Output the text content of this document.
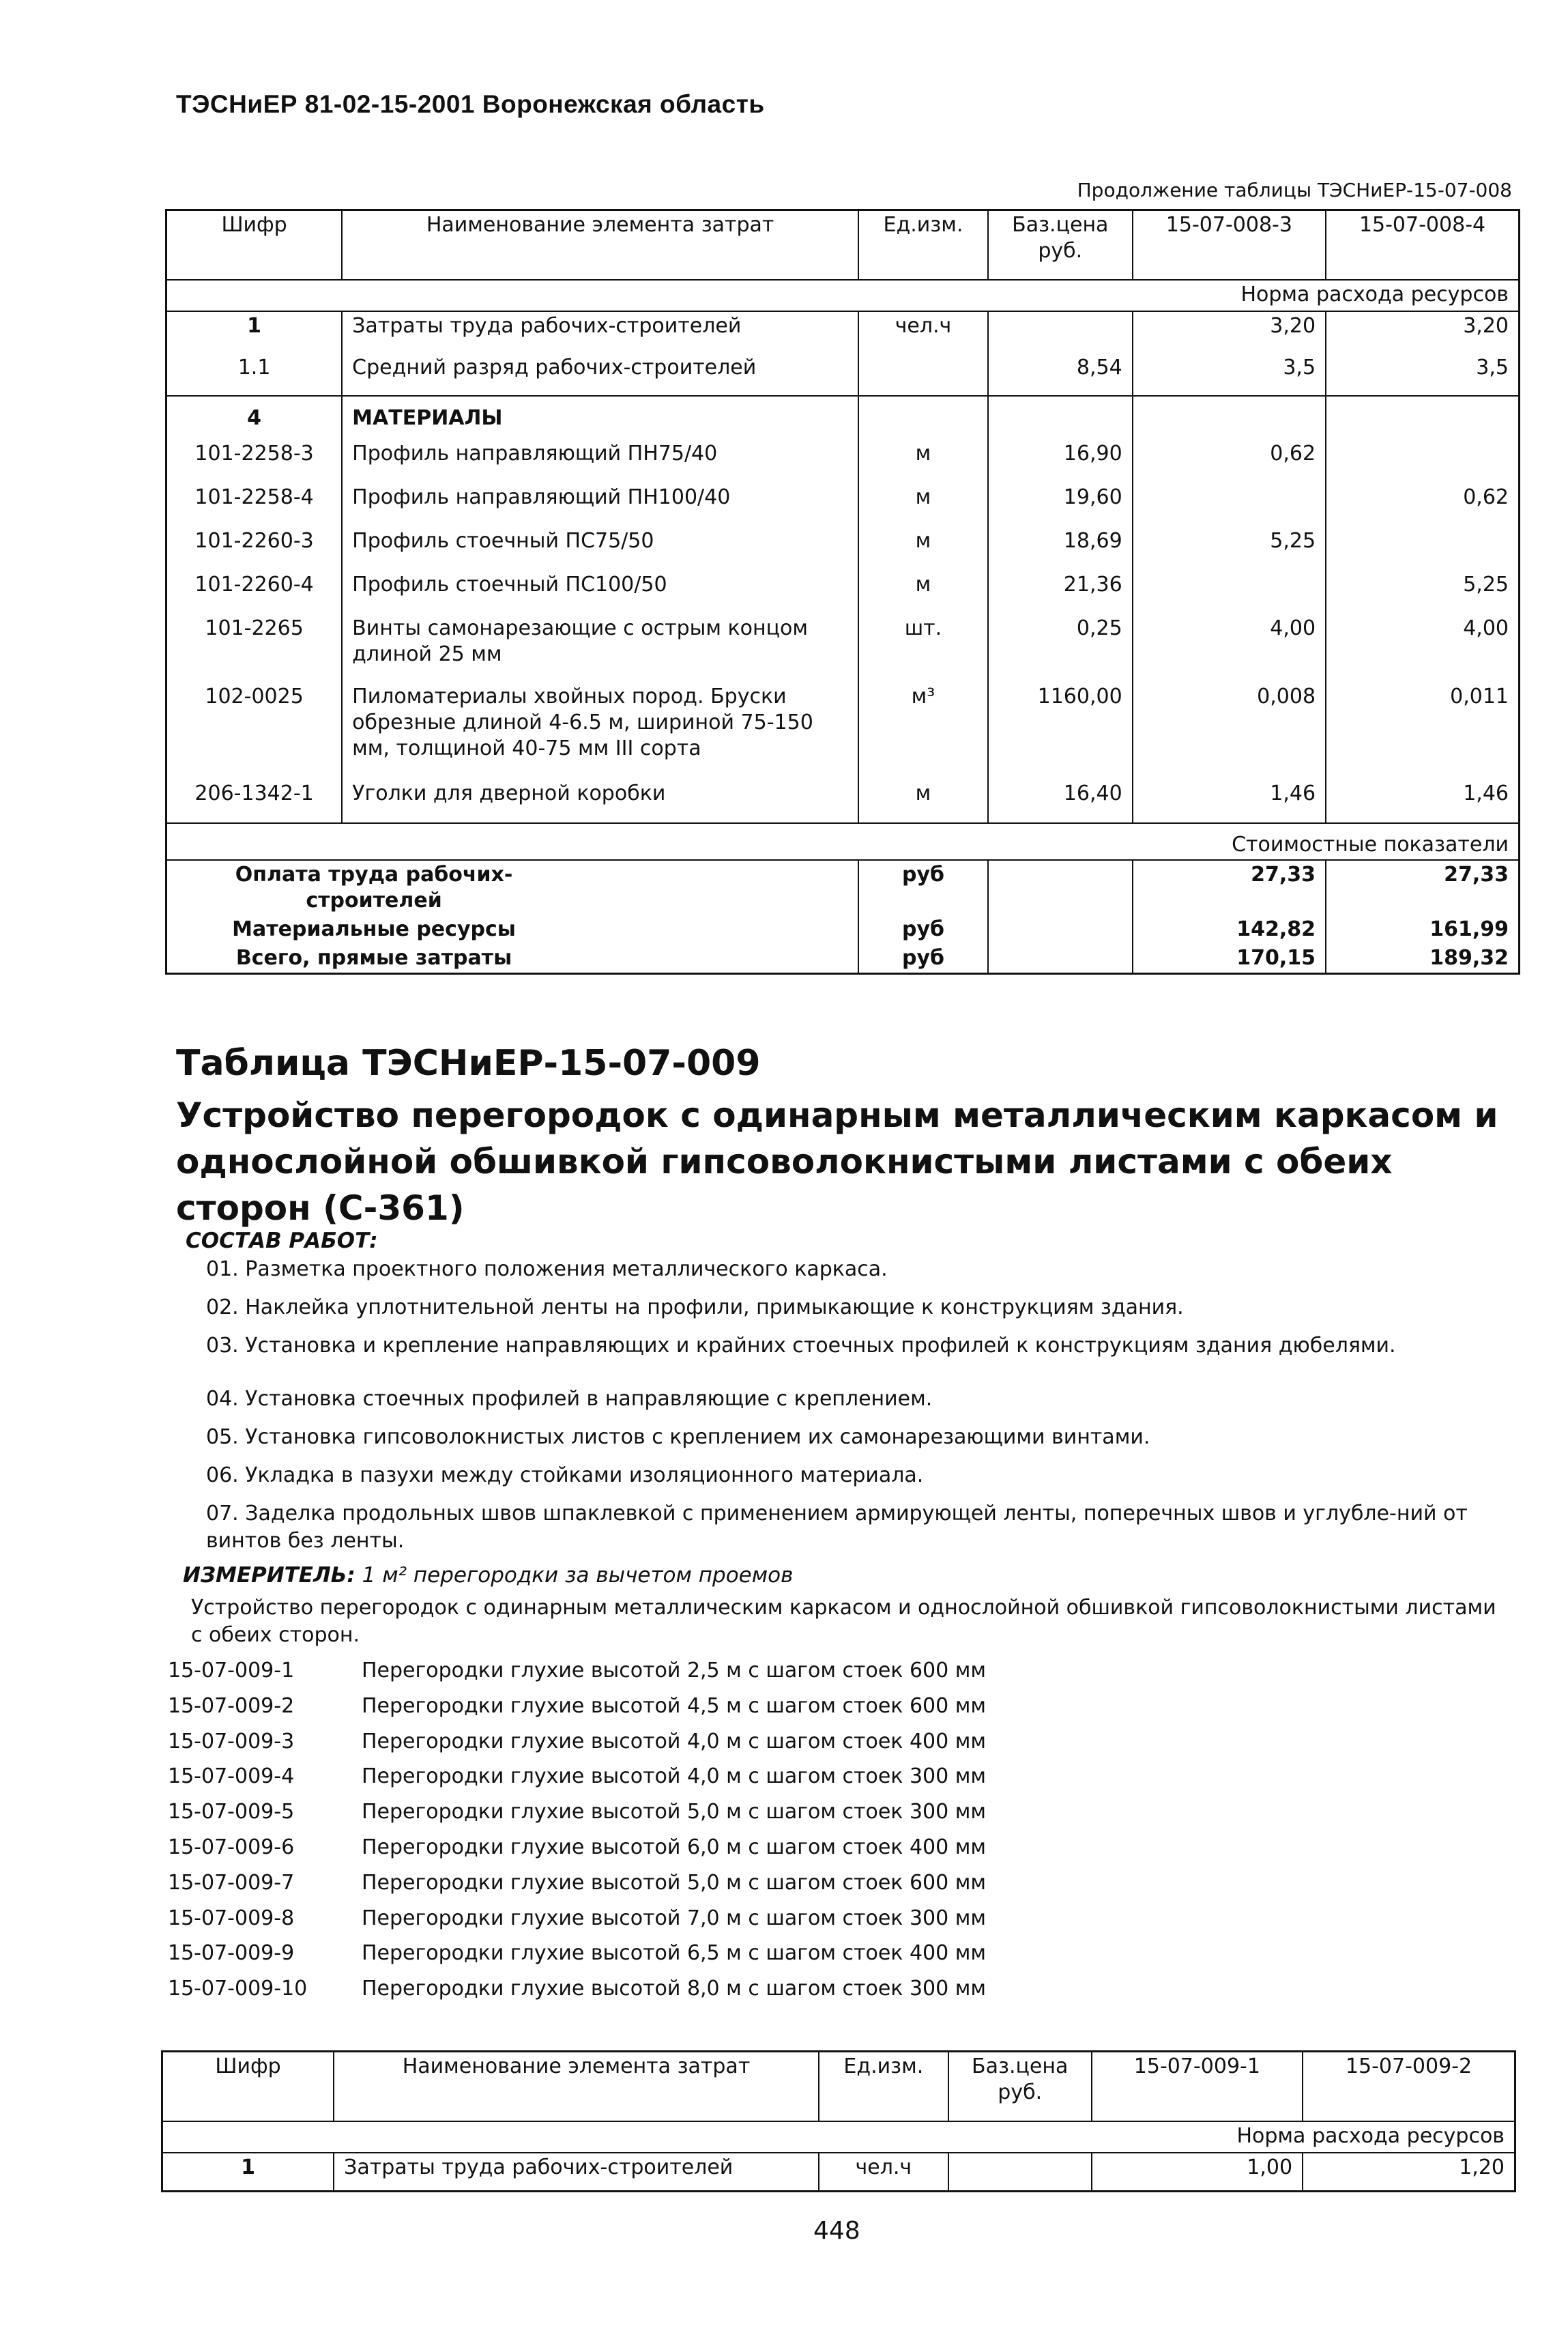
ТЭСНиЕР 81-02-15-2001 Воронежская область
Продолжение таблицы ТЭСНиЕР-15-07-008
Шифр	Наименование элемента затрат	Ед.изм.	Баз.цена руб.	15-07-008-3	15-07-008-4
Норма расхода ресурсов					
1	Затраты труда рабочих-строителей	чел.ч		3,20	3,20
1.1	Средний разряд рабочих-строителей		8,54	3,5	3,5
4	МАТЕРИАЛЫ				
101-2258-3	Профиль направляющий ПН75/40	м	16,90	0,62	
101-2258-4	Профиль направляющий ПН100/40	м	19,60		0,62
101-2260-3	Профиль стоечный ПС75/50	м	18,69	5,25	
101-2260-4	Профиль стоечный ПС100/50	м	21,36		5,25
101-2265	Винты самонарезающие с острым концом длиной 25 мм	шт.	0,25	4,00	4,00
102-0025	Пиломатериалы хвойных пород. Бруски обрезные длиной 4-6.5 м, шириной 75-150 мм, толщиной 40-75 мм III сорта	м³	1160,00	0,008	0,011
206-1342-1	Уголки для дверной коробки	м	16,40	1,46	1,46
Стоимостные показатели					
Оплата труда рабочих-строителей		руб		27,33	27,33
Материальные ресурсы		руб		142,82	161,99
Всего, прямые затраты		руб		170,15	189,32
Таблица ТЭСНиЕР-15-07-009
Устройство перегородок с одинарным металлическим каркасом и однослойной обшивкой гипсоволокнистыми листами с обеих сторон (С-361)
СОСТАВ РАБОТ:
01. Разметка проектного положения металлического каркаса.
02. Наклейка уплотнительной ленты на профили, примыкающие к конструкциям здания.
03. Установка и крепление направляющих и крайних стоечных профилей к конструкциям здания дюбелями.
04. Установка стоечных профилей в направляющие с креплением.
05. Установка гипсоволокнистых листов с креплением их самонарезающими винтами.
06. Укладка в пазухи между стойками изоляционного материала.
07. Заделка продольных швов шпаклевкой с применением армирующей ленты, поперечных швов и углубле-ний от винтов без ленты.
ИЗМЕРИТЕЛЬ: 1 м² перегородки за вычетом проемов
Устройство перегородок с одинарным металлическим каркасом и однослойной обшивкой гипсоволокнистыми листами с обеих сторон.
15-07-009-1	Перегородки глухие высотой 2,5 м с шагом стоек 600 мм
15-07-009-2	Перегородки глухие высотой 4,5 м с шагом стоек 600 мм
15-07-009-3	Перегородки глухие высотой 4,0 м с шагом стоек 400 мм
15-07-009-4	Перегородки глухие высотой 4,0 м с шагом стоек 300 мм
15-07-009-5	Перегородки глухие высотой 5,0 м с шагом стоек 300 мм
15-07-009-6	Перегородки глухие высотой 6,0 м с шагом стоек 400 мм
15-07-009-7	Перегородки глухие высотой 5,0 м с шагом стоек 600 мм
15-07-009-8	Перегородки глухие высотой 7,0 м с шагом стоек 300 мм
15-07-009-9	Перегородки глухие высотой 6,5 м с шагом стоек 400 мм
15-07-009-10	Перегородки глухие высотой 8,0 м с шагом стоек 300 мм
Шифр	Наименование элемента затрат	Ед.изм.	Баз.цена руб.	15-07-009-1	15-07-009-2
Норма расхода ресурсов					
1	Затраты труда рабочих-строителей	чел.ч		1,00	1,20
448
